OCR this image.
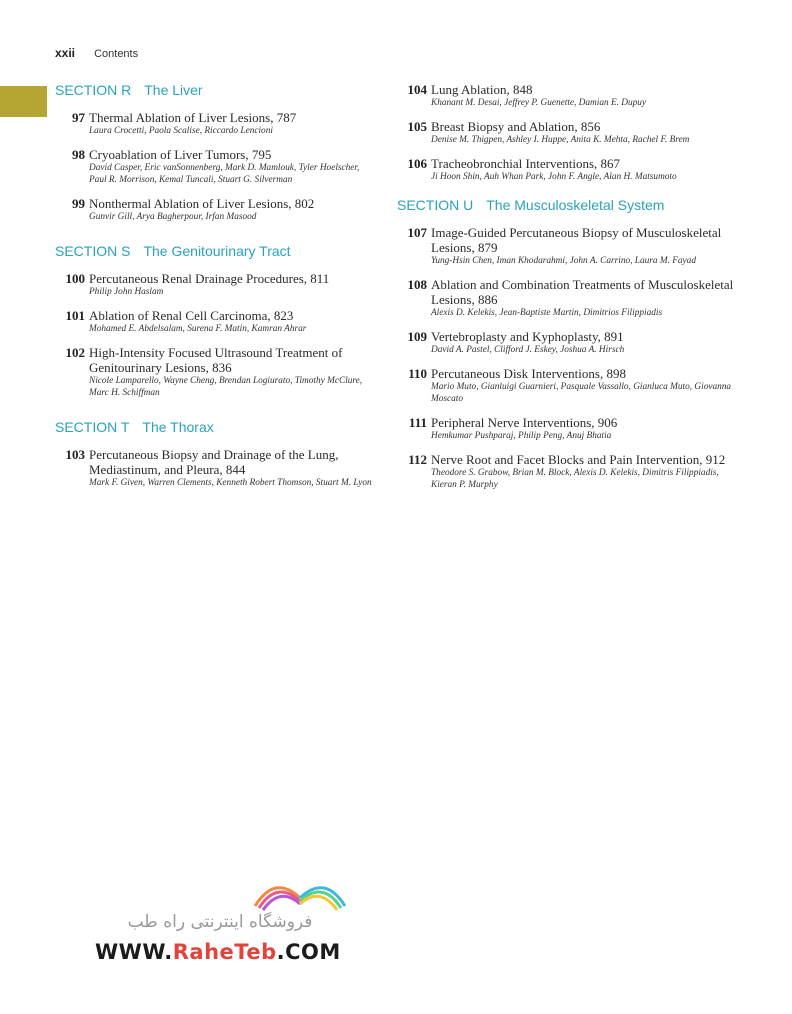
xxii Contents
SECTION R The Liver
97 Thermal Ablation of Liver Lesions, 787
Laura Crocetti, Paola Scalise, Riccardo Lencioni
98 Cryoablation of Liver Tumors, 795
David Casper, Eric vanSonnenberg, Mark D. Mamlouk, Tyler Hoelscher, Paul R. Morrison, Kemal Tuncali, Stuart G. Silverman
99 Nonthermal Ablation of Liver Lesions, 802
Gunvir Gill, Arya Bagherpour, Irfan Masood
SECTION S The Genitourinary Tract
100 Percutaneous Renal Drainage Procedures, 811
Philip John Haslam
101 Ablation of Renal Cell Carcinoma, 823
Mohamed E. Abdelsalam, Surena F. Matin, Kamran Ahrar
102 High-Intensity Focused Ultrasound Treatment of Genitourinary Lesions, 836
Nicole Lamparello, Wayne Cheng, Brendan Logiurato, Timothy McClure, Marc H. Schiffman
SECTION T The Thorax
103 Percutaneous Biopsy and Drainage of the Lung, Mediastinum, and Pleura, 844
Mark F. Given, Warren Clements, Kenneth Robert Thomson, Stuart M. Lyon
104 Lung Ablation, 848
Khanant M. Desai, Jeffrey P. Guenette, Damian E. Dupuy
105 Breast Biopsy and Ablation, 856
Denise M. Thigpen, Ashley I. Huppe, Anita K. Mehta, Rachel F. Brem
106 Tracheobronchial Interventions, 867
Ji Hoon Shin, Auh Whan Park, John F. Angle, Alan H. Matsumoto
SECTION U The Musculoskeletal System
107 Image-Guided Percutaneous Biopsy of Musculoskeletal Lesions, 879
Yung-Hsin Chen, Iman Khodarahmi, John A. Carrino, Laura M. Fayad
108 Ablation and Combination Treatments of Musculoskeletal Lesions, 886
Alexis D. Kelekis, Jean-Baptiste Martin, Dimitrios Filippiadis
109 Vertebroplasty and Kyphoplasty, 891
David A. Pastel, Clifford J. Eskey, Joshua A. Hirsch
110 Percutaneous Disk Interventions, 898
Mario Muto, Gianluigi Guarnieri, Pasquale Vassallo, Gianluca Muto, Giovanna Moscato
111 Peripheral Nerve Interventions, 906
Hemkumar Pushparaj, Philip Peng, Anuj Bhatia
112 Nerve Root and Facet Blocks and Pain Intervention, 912
Theodore S. Grabow, Brian M. Block, Alexis D. Kelekis, Dimitris Filippiadis, Kieran P. Murphy
فروشگاه اینترنتی راه طب
WWW.RaheTeb.COM
